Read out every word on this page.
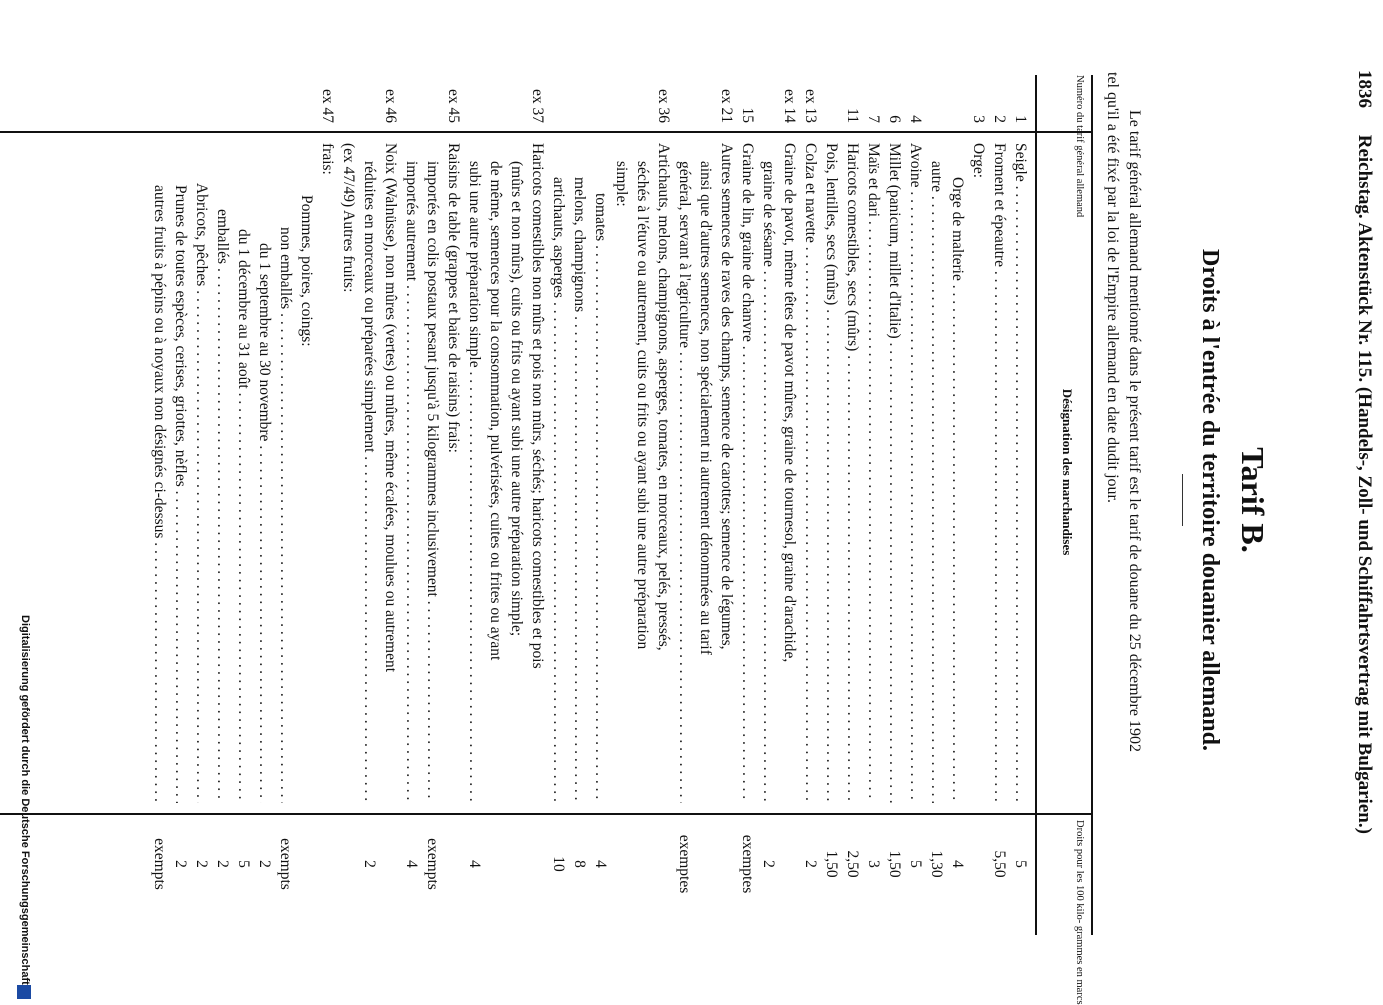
1836 Reichstag. Aktenstück Nr. 115. (Handels-, Zoll- und Schiffahrtsvertrag mit Bulgarien.)
Tarif B.
Droits à l'entrée du territoire douanier allemand.

Le tarif général allemand mentionné dans le présent tarif est le tarif de douane du 25 décembre 1902

tel qu'il a été fixé par la loi de l'Empire allemand en date dudit jour.

Numéro du tarif général allemand
Désignation des marchandises
Droits pour les 100 kilo- grammes en marcs
1
Seigle . . .
5
2
Froment et épeautre . . .
5,50
3
Orge:
Orge de malterie . . .
4
autre . . .
1,30
4
Avoine . . .
5
6
Millet (panicum, millet d'Italie) . . .
1,50
7
Maïs et dari . . .
3
11
Haricots comestibles, secs (mûrs) . . .
2,50
Pois, lentilles, secs (mûrs) . . .
1,50
ex 13
Colza et navette . . .
2
ex 14
Graine de pavot, même têtes de pavot mûres, graine de tournesol, graine d'arachide,
graine de sésame . . .
2
15
Graine de lin, graine de chanvre . . .
exemptes
ex 21
Autres semences de raves des champs, semence de carottes; semence de légumes,
ainsi que d'autres semences, non spécialement ni autrement dénommées au tarif
général, servant à l'agriculture . . .
exemptes
ex 36
Artichauts, melons, champignons, asperges, tomates, en morceaux, pelés, pressés,
séchés à l'étuve ou autrement, cuits ou frits ou ayant subi une autre préparation
simple:
tomates . . .
4
melons, champignons . . .
8
artichauts, asperges . . .
10
ex 37
Haricots comestibles non mûrs et pois non mûrs, séchés; haricots comestibles et pois
(mûrs et non mûrs), cuits ou frits ou ayant subi une autre préparation simple;
de même, semences pour la consommation, pulvérisées, cuites ou frites ou ayant
subi une autre préparation simple . . .
4
ex 45
Raisins de table (grappes et baies de raisins) frais:
importés en colis postaux pesant jusqu'à 5 kilogrammes inclusivement . . .
exempts
importés autrement . . .
4
ex 46
Noix (Walnüsse), non mûres (vertes) ou mûres, même écalées, moulues ou autrement
réduites en morceaux ou préparées simplement . . .
2
(ex 47/49) Autres fruits:
ex 47
frais:
Pommes, poires, coings:
non emballés . . .
exempts
du 1 septembre au 30 novembre . . .
2
du 1 décembre au 31 août . . .
5
emballés . . .
2
Abricots, pêches . . .
2
Prunes de toutes espèces, cerises, griottes, nèfles . . .
2
autres fruits à pépins ou à noyaux non désignés ci-dessus . . .
exempts
Digitalisierung gefördert durch die Deutsche Forschungsgemeinschaft
